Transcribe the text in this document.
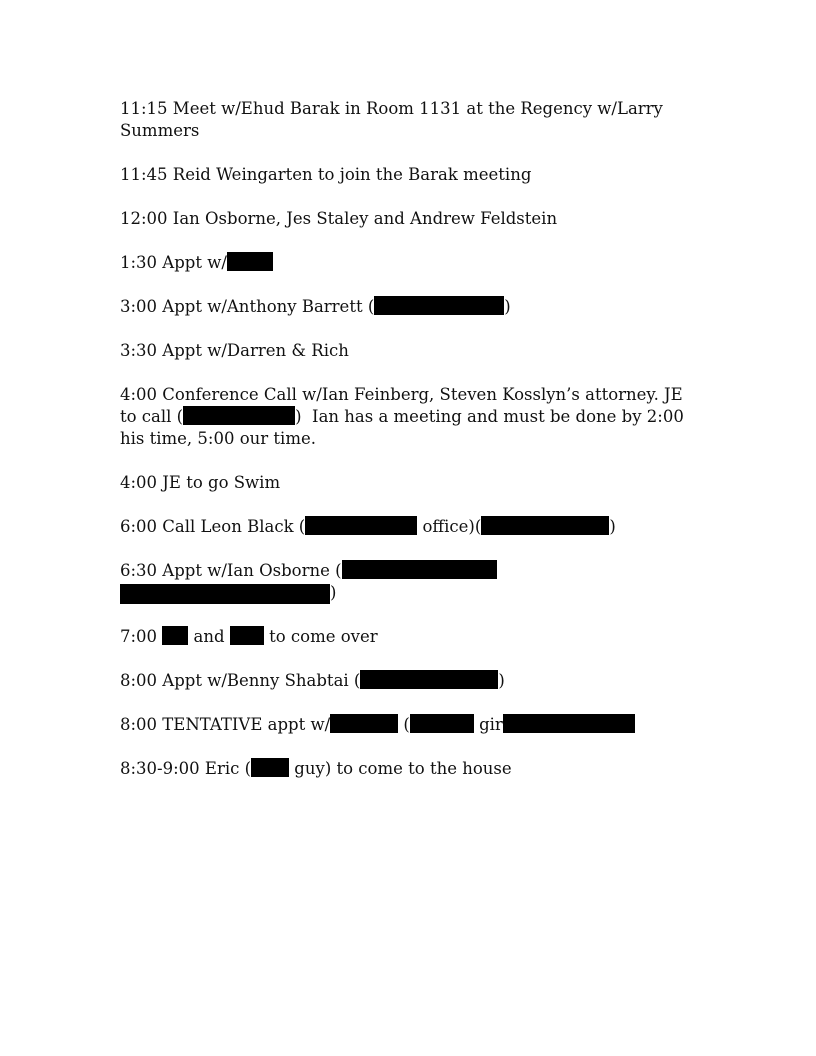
11:15 Meet w/Ehud Barak in Room 1131 at the Regency w/Larry Summers
11:45 Reid Weingarten to join the Barak meeting
12:00 Ian Osborne, Jes Staley and Andrew Feldstein
1:30 Appt w/
3:00 Appt w/Anthony Barrett (	)
3:30 Appt w/Darren & Rich
4:00 Conference Call w/Ian Feinberg, Steven Kosslyn’s attorney. JE to call (	)  Ian has a meeting and must be done by 2:00 his time, 5:00 our time.
4:00 JE to go Swim
6:00 Call Leon Black (	office)(	)
6:30 Appt w/Ian Osborne (
)
7:00  and  to come over
8:00 Appt w/Benny Shabtai (	)
8:00 TENTATIVE appt w/	(	gir
8:30-9:00 Eric ( guy) to come to the house
